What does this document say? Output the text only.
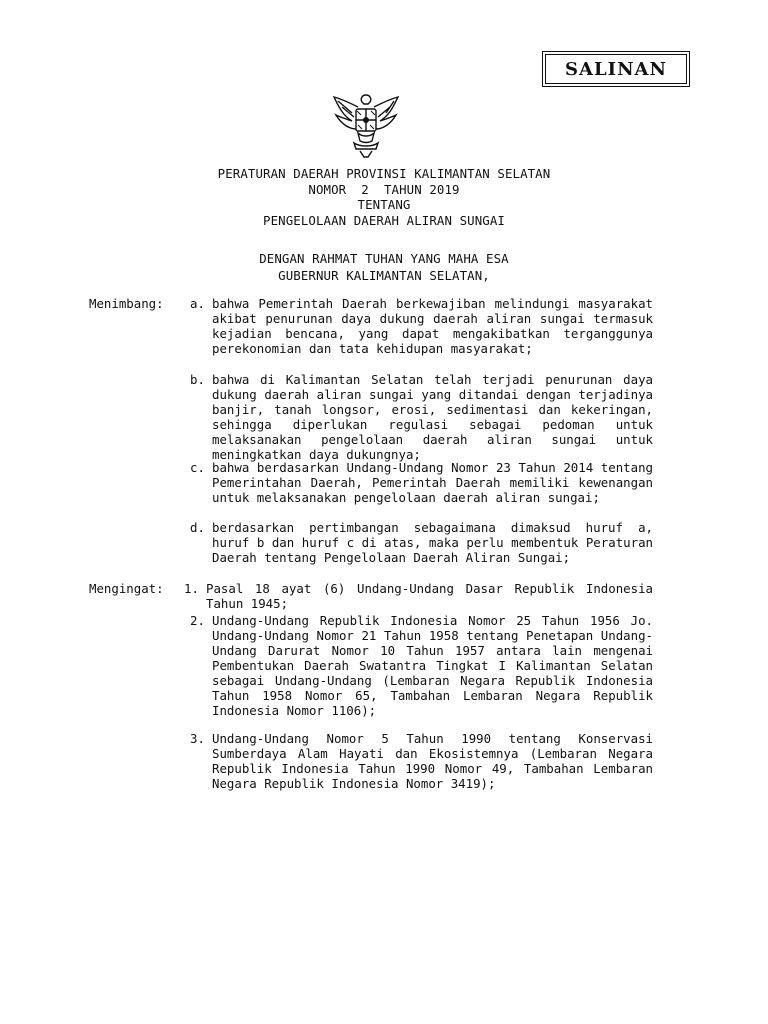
SALINAN
PERATURAN DAERAH PROVINSI KALIMANTAN SELATAN
NOMOR  2  TAHUN 2019
TENTANG
PENGELOLAAN DAERAH ALIRAN SUNGAI
DENGAN RAHMAT TUHAN YANG MAHA ESA
GUBERNUR KALIMANTAN SELATAN,
Menimbang: a. bahwa Pemerintah Daerah berkewajiban melindungi masyarakat akibat penurunan daya dukung daerah aliran sungai termasuk kejadian bencana, yang dapat mengakibatkan terganggunya perekonomian dan tata kehidupan masyarakat;
b. bahwa di Kalimantan Selatan telah terjadi penurunan daya dukung daerah aliran sungai yang ditandai dengan terjadinya banjir, tanah longsor, erosi, sedimentasi dan kekeringan, sehingga diperlukan regulasi sebagai pedoman untuk melaksanakan pengelolaan daerah aliran sungai untuk meningkatkan daya dukungnya;
c. bahwa berdasarkan Undang-Undang Nomor 23 Tahun 2014 tentang Pemerintahan Daerah, Pemerintah Daerah memiliki kewenangan untuk melaksanakan pengelolaan daerah aliran sungai;
d. berdasarkan pertimbangan sebagaimana dimaksud huruf a, huruf b dan huruf c di atas, maka perlu membentuk Peraturan Daerah tentang Pengelolaan Daerah Aliran Sungai;
Mengingat: 1. Pasal 18 ayat (6) Undang-Undang Dasar Republik Indonesia Tahun 1945;
2. Undang-Undang Republik Indonesia Nomor 25 Tahun 1956 Jo. Undang-Undang Nomor 21 Tahun 1958 tentang Penetapan Undang-Undang Darurat Nomor 10 Tahun 1957 antara lain mengenai Pembentukan Daerah Swatantra Tingkat I Kalimantan Selatan sebagai Undang-Undang (Lembaran Negara Republik Indonesia Tahun 1958 Nomor 65, Tambahan Lembaran Negara Republik Indonesia Nomor 1106);
3. Undang-Undang Nomor 5 Tahun 1990 tentang Konservasi Sumberdaya Alam Hayati dan Ekosistemnya (Lembaran Negara Republik Indonesia Tahun 1990 Nomor 49, Tambahan Lembaran Negara Republik Indonesia Nomor 3419);
